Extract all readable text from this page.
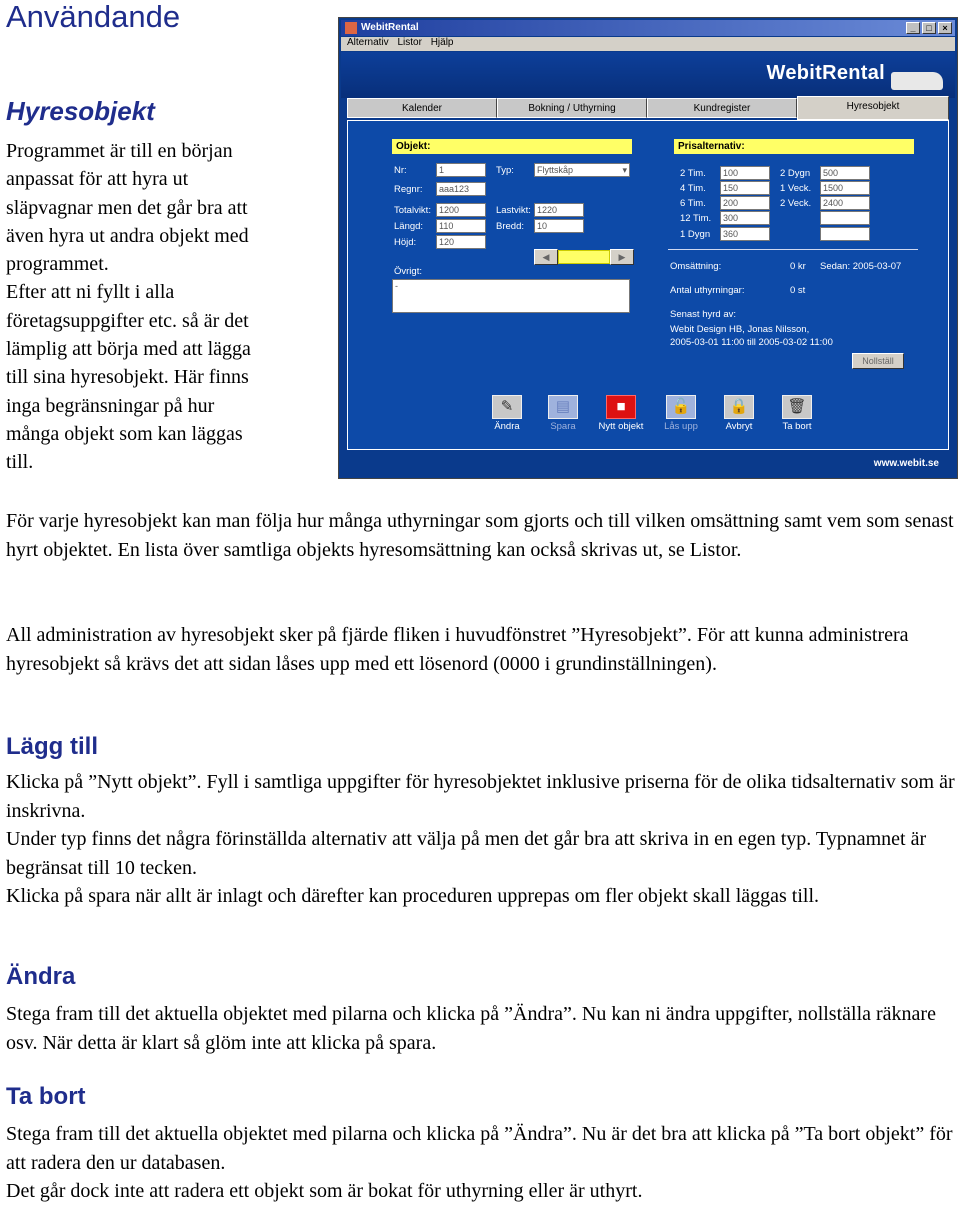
Användande
Hyresobjekt

Programmet är till en början
anpassat för att hyra ut
släpvagnar men det går bra att
även hyra ut andra objekt med
programmet.
Efter att ni fyllt i alla
företagsuppgifter etc. så är det
lämplig att börja med att lägga
till sina hyresobjekt. Här finns
inga begränsningar på hur
många objekt som kan läggas
till.

WebitRental	_	□	×
Alternativ Listor Hjälp
WebitRental
Kalender	Bokning / Uthyrning	Kundregister	Hyresobjekt
Objekt:
Nr:	1	Typ:	Flyttskåp	▾
Regnr:	aaa123
Totalvikt: 1200	Lastvikt: 1220
Längd:	110	Bredd:	10
Höjd:	120
◀	▶
Övrigt:
-
Prisalternativ:
2 Tim.	100
4 Tim.	150
6 Tim.	200
12 Tim.	300
1 Dygn	360
2 Dygn	500
1 Veck.	1500
2 Veck.	2400
Omsättning:	0 kr Sedan: 2005-03-07
Antal uthyrningar:	0 st
Senast hyrd av:
Webit Design HB, Jonas Nilsson,
2005-03-01 11:00 till 2005-03-02 11:00
Nollställ
✎
Ändra
▤
Spara
■
Nytt objekt
🔓
Lås upp
🔒
Avbryt
🗑
Ta bort
www.webit.se

För varje hyresobjekt kan man följa hur många uthyrningar som gjorts och till vilken omsättning samt vem som senast hyrt objektet. En lista över samtliga objekts hyresomsättning kan också skrivas ut, se Listor.

All administration av hyresobjekt sker på fjärde fliken i huvudfönstret ”Hyresobjekt”. För att kunna administrera hyresobjekt så krävs det att sidan låses upp med ett lösenord (0000 i grundinställningen).

Lägg till

Klicka på ”Nytt objekt”. Fyll i samtliga uppgifter för hyresobjektet inklusive priserna för de olika tidsalternativ som är inskrivna.

Under typ finns det några förinställda alternativ att välja på men det går bra att skriva in en egen typ. Typnamnet är begränsat till 10 tecken.

Klicka på spara när allt är inlagt och därefter kan proceduren upprepas om fler objekt skall läggas till.

Ändra

Stega fram till det aktuella objektet med pilarna och klicka på ”Ändra”. Nu kan ni ändra uppgifter, nollställa räknare osv. När detta är klart så glöm inte att klicka på spara.

Ta bort

Stega fram till det aktuella objektet med pilarna och klicka på ”Ändra”. Nu är det bra att klicka på ”Ta bort objekt” för att radera den ur databasen.

Det går dock inte att radera ett objekt som är bokat för uthyrning eller är uthyrt.
